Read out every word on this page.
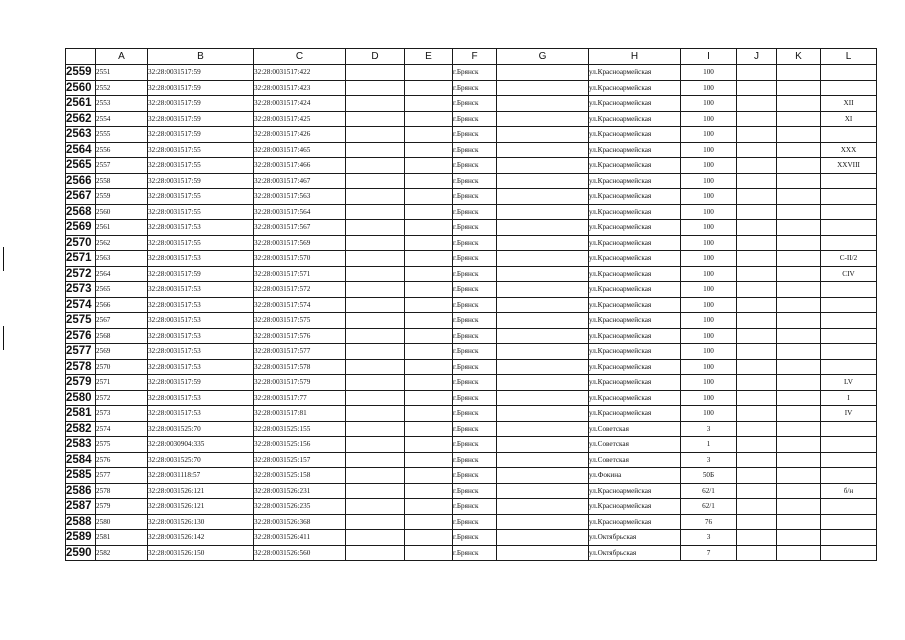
	A	B	C	D	E	F	G	H	I	J	K	L
2559	2551	32:28:0031517:59	32:28:0031517:422			г.Брянск		ул.Красноармейская	100			
2560	2552	32:28:0031517:59	32:28:0031517:423			г.Брянск		ул.Красноармейская	100			
2561	2553	32:28:0031517:59	32:28:0031517:424			г.Брянск		ул.Красноармейская	100			XII
2562	2554	32:28:0031517:59	32:28:0031517:425			г.Брянск		ул.Красноармейская	100			XI
2563	2555	32:28:0031517:59	32:28:0031517:426			г.Брянск		ул.Красноармейская	100			
2564	2556	32:28:0031517:55	32:28:0031517:465			г.Брянск		ул.Красноармейская	100			XXX
2565	2557	32:28:0031517:55	32:28:0031517:466			г.Брянск		ул.Красноармейская	100			XXVIII
2566	2558	32:28:0031517:59	32:28:0031517:467			г.Брянск		ул.Красноармейская	100			
2567	2559	32:28:0031517:55	32:28:0031517:563			г.Брянск		ул.Красноармейская	100			
2568	2560	32:28:0031517:55	32:28:0031517:564			г.Брянск		ул.Красноармейская	100			
2569	2561	32:28:0031517:53	32:28:0031517:567			г.Брянск		ул.Красноармейская	100			
2570	2562	32:28:0031517:55	32:28:0031517:569			г.Брянск		ул.Красноармейская	100			
2571	2563	32:28:0031517:53	32:28:0031517:570			г.Брянск		ул.Красноармейская	100			C-II/2
2572	2564	32:28:0031517:59	32:28:0031517:571			г.Брянск		ул.Красноармейская	100			CIV
2573	2565	32:28:0031517:53	32:28:0031517:572			г.Брянск		ул.Красноармейская	100			
2574	2566	32:28:0031517:53	32:28:0031517:574			г.Брянск		ул.Красноармейская	100			
2575	2567	32:28:0031517:53	32:28:0031517:575			г.Брянск		ул.Красноармейская	100			
2576	2568	32:28:0031517:53	32:28:0031517:576			г.Брянск		ул.Красноармейская	100			
2577	2569	32:28:0031517:53	32:28:0031517:577			г.Брянск		ул.Красноармейская	100			
2578	2570	32:28:0031517:53	32:28:0031517:578			г.Брянск		ул.Красноармейская	100			
2579	2571	32:28:0031517:59	32:28:0031517:579			г.Брянск		ул.Красноармейская	100			LV
2580	2572	32:28:0031517:53	32:28:0031517:77			г.Брянск		ул.Красноармейская	100			I
2581	2573	32:28:0031517:53	32:28:0031517:81			г.Брянск		ул.Красноармейская	100			IV
2582	2574	32:28:0031525:70	32:28:0031525:155			г.Брянск		ул.Советская	3			
2583	2575	32:28:0030904:335	32:28:0031525:156			г.Брянск		ул.Советская	1			
2584	2576	32:28:0031525:70	32:28:0031525:157			г.Брянск		ул.Советская	3			
2585	2577	32:28:0031118:57	32:28:0031525:158			г.Брянск		ул.Фокина	50Б			
2586	2578	32:28:0031526:121	32:28:0031526:231			г.Брянск		ул.Красноармейская	62/1			б/н
2587	2579	32:28:0031526:121	32:28:0031526:235			г.Брянск		ул.Красноармейская	62/1			
2588	2580	32:28:0031526:130	32:28:0031526:368			г.Брянск		ул.Красноармейская	76			
2589	2581	32:28:0031526:142	32:28:0031526:411			г.Брянск		ул.Октябрьская	3			
2590	2582	32:28:0031526:150	32:28:0031526:560			г.Брянск		ул.Октябрьская	7			
